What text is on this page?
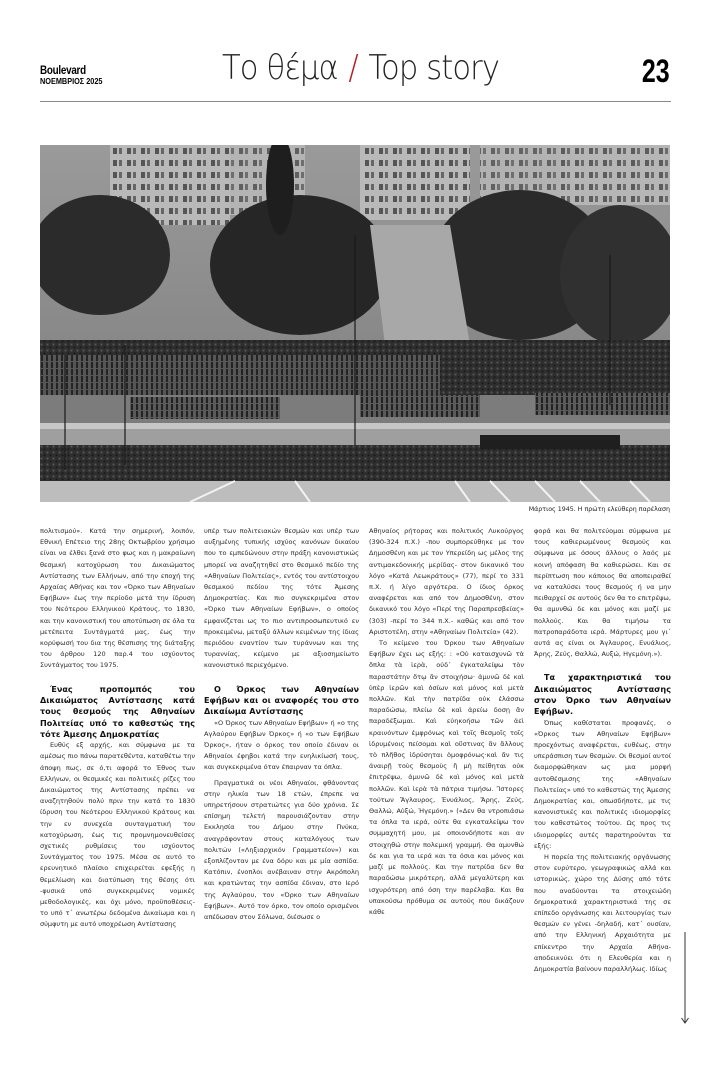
Boulevard
ΝΟΕΜΒΡΙΟΣ 2025	Το θέμα / Top story	23
Μάρτιος 1945. Η πρώτη ελεύθερη παρέλαση

πολιτισμού». Κατά την σημερινή, λοιπόν, Εθνική Επέτειο της 28ης Οκτωβρίου χρήσιμο είναι να έλθει ξανά στο φως και η μακραίωνη θεσμική κατοχύρωση του Δικαιώματος Αντίστασης των Ελλήνων, από την εποχή της Αρχαίας Αθήνας και τον «Όρκο των Αθηναίων Εφήβων» έως την περίοδο μετά την ίδρυση του Νεότερου Ελληνικού Κράτους, το 1830, και την κανονιστική του αποτύπωση σε όλα τα μετέπειτα Συντάγματά μας, έως την κορύφωσή του δια της θέσπισης της διάταξης του άρθρου 120 παρ.4 του ισχύοντος Συντάγματος του 1975.

Ένας προπομπός του Δικαιώματος Αντίστασης κατά τους θεσμούς της Αθηναίων Πολιτείας υπό το καθεστώς της τότε Άμεσης Δημοκρατίας

Ευθύς εξ αρχής, και σύμφωνα με τα αμέσως πιο πάνω παρατεθέντα, καταθέτω την άποψη πως, σε ό,τι αφορά το Έθνος των Ελλήνων, οι θεσμικές και πολιτικές ρίζες του Δικαιώματος της Αντίστασης πρέπει να αναζητηθούν πολύ πριν την κατά το 1830 ίδρυση του Νεότερου Ελληνικού Κράτους και την εν συνεχεία συνταγματική του κατοχύρωση, έως τις προμνημονευθείσες σχετικές ρυθμίσεις του ισχύοντος Συντάγματος του 1975. Μέσα σε αυτό το ερευνητικό πλαίσιο επιχειρείται εφεξής η θεμελίωση και διατύπωση της θέσης ότι -φυσικά υπό συγκεκριμένες νομικές μεθοδολογικές, και όχι μόνο, προϋποθέσεις- το υπό τ΄ ανωτέρω δεδομένα Δικαίωμα και η σύμφυτη με αυτό υποχρέωση Αντίστασης

υπέρ των πολιτειακών θεσμών και υπέρ των αυξημένης τυπικής ισχύος κανόνων δικαίου που το εμπεδώνουν στην πράξη κανονιστικώς μπορεί να αναζητηθεί στο θεσμικό πεδίο της «Αθηναίων Πολιτείας», εντός του αντίστοιχου θεσμικού πεδίου της τότε Άμεσης Δημοκρατίας. Και πιο συγκεκριμένα στον «Όρκο των Αθηναίων Εφήβων», ο οποίος εμφανίζεται ως το πιο αντιπροσωπευτικό εν προκειμένω, μεταξύ άλλων κειμένων της ίδιας περιόδου εναντίον των τυράννων και της τυραννίας, κείμενο με αξιοσημείωτο κανονιστικό περιεχόμενο.

Ο Όρκος των Αθηναίων Εφήβων και οι αναφορές του στο Δικαίωμα Αντίστασης

«Ο Όρκος των Αθηναίων Εφήβων» ή «ο της Αγλαύρου Εφήβων Όρκος» ή «ο των Εφήβων Όρκος», ήταν ο όρκος τον οποίο έδιναν οι Αθηναίοι έφηβοι κατά την ενηλικίωσή τους, και συγκεκριμένα όταν έπαιρναν τα όπλα.

Πραγματικά οι νέοι Αθηναίοι, φθάνοντας στην ηλικία των 18 ετών, έπρεπε να υπηρετήσουν στρατιώτες για δύο χρόνια. Σε επίσημη τελετή παρουσιάζονταν στην Εκκλησία του Δήμου στην Πνύκα, αναγράφονταν στους καταλόγους των πολιτών («Ληξιαρχικόν Γραμματείον») και εξοπλίζονταν με ένα δόρυ και με μία ασπίδα. Κατόπιν, ένοπλοι ανέβαιναν στην Ακρόπολη και κρατώντας την ασπίδα έδιναν, στο Ιερό της Αγλαύρου, τον «Όρκο των Αθηναίων Εφήβων». Αυτό τον όρκο, τον οποίο ορισμένοι απέδωσαν στον Σόλωνα, διέσωσε ο

Αθηναίος ρήτορας και πολιτικός Λυκούργος (390-324 π.Χ.) -που συμπορεύθηκε με τον Δημοσθένη και με τον Υπερείδη ως μέλος της αντιμακεδονικής μερίδας- στον δικανικό του λόγο «Κατά Λεωκράτους» (77), περί το 331 π.Χ. ή λίγο αργότερα. Ο ίδιος όρκος αναφέρεται και από τον Δημοσθένη, στον δικανικό του λόγο «Περί της Παραπρεσβείας» (303) -περί το 344 π.Χ.- καθώς και από τον Αριστοτέλη, στην «Αθηναίων Πολιτεία» (42).

Το κείμενο του Όρκου των Αθηναίων Εφήβων έχει ως εξής: : «Οὐ καταισχυνῶ τὰ ὅπλα τὰ ἱερὰ, οὐδ᾿ ἐγκαταλείψω τὸν παραστάτην ὅτῳ ἂν στοιχήσω· ἀμυνῶ δὲ καὶ ὑπὲρ ἱερῶν καὶ ὁσίων καὶ μόνος καὶ μετὰ πολλῶν. Καὶ τὴν πατρίδα οὐκ ἐλάσσω παραδώσω, πλείω δὲ καὶ ἀρείω δοσῃ ἂν παραδέξωμαι. Καὶ εὐηκοήσω τῶν ἀεὶ κραινόντων ἐμφρόνως καὶ τοῖς θεσμοῖς τοῖς ἱδρυμένοις πείσομαι καὶ οὕστινας ἂν ἄλλους τὸ πλῆθος ἱδρύσηται ὁμοφρόνως·καὶ ἄν τις ἀναιρῇ τοὺς θεσμοὺς ἢ μὴ πείθηται οὐκ ἐπιτρέψω, ἀμυνῶ δὲ καὶ μόνος καὶ μετὰ πολλῶν. Καὶ ἱερὰ τὰ πάτρια τιμήσω. Ἴστορες τούτων Ἄγλαυρος, Ἐνυάλιος, Ἄρης, Ζεύς, Θαλλώ, Αὐξώ, Ἡγεμόνη.» («Δεν θα ντροπιάσω τα όπλα τα ιερά, ούτε θα εγκαταλείψω τον συμμαχητή μου, με οποιονδήποτε και αν στοιχηθώ στην πολεμική γραμμή. Θα αμυνθώ δε και για τα ιερά και τα όσια και μόνος και μαζί με πολλούς. Και την πατρίδα δεν θα παραδώσω μικρότερη, αλλά μεγαλύτερη και ισχυρότερη από όση την παρέλαβα. Και θα υπακούσω πρόθυμα σε αυτούς που δικάζουν κάθε

φορά και θα πολιτεύομαι σύμφωνα με τους καθιερωμένους θεσμούς και σύμφωνα με όσους άλλους ο λαός με κοινή απόφαση θα καθιερώσει. Και σε περίπτωση που κάποιος θα αποπειραθεί να καταλύσει τους θεσμούς ή να μην πειθαρχεί σε αυτούς δεν θα το επιτρέψω, θα αμυνθώ δε και μόνος και μαζί με πολλούς. Και θα τιμήσω τα πατροπαράδοτα ιερά. Μάρτυρες μου γι΄ αυτά ας είναι οι Άγλαυρος, Ενυάλιος, Άρης, Ζεύς, Θαλλώ, Αυξώ, Ηγεμόνη.»).

Τα χαρακτηριστικά του Δικαιώματος Αντίστασης στον Όρκο των Αθηναίων Εφήβων.

Όπως καθίσταται προφανές, ο «Όρκος των Αθηναίων Εφήβων» προεχόντως αναφέρεται, ευθέως, στην υπεράσπιση των θεσμών. Οι θεσμοί αυτοί διαμορφώθηκαν ως μια μορφή αυτοθέσμισης της «Αθηναίων Πολιτείας» υπό το καθεστώς της Άμεσης Δημοκρατίας και, οπωσδήποτε, με τις κανονιστικές και πολιτικές ιδιομορφίες του καθεστώτος τούτου. Ως προς τις ιδιομορφίες αυτές παρατηρούνται τα εξής:

Η πορεία της πολιτειακής οργάνωσης στον ευρύτερο, γεωγραφικώς αλλά και ιστορικώς, χώρο της Δύσης από τότε που αναδύονται τα στοιχειώδη δημοκρατικά χαρακτηριστικά της σε επίπεδο οργάνωσης και λειτουργίας των θεσμών εν γένει -δηλαδή, κατ΄ ουσίαν, από την Ελληνική Αρχαιότητα με επίκεντρο την Αρχαία Αθήνα- αποδεικνύει ότι η Ελευθερία και η Δημοκρατία βαίνουν παραλλήλως. Ιδίως
